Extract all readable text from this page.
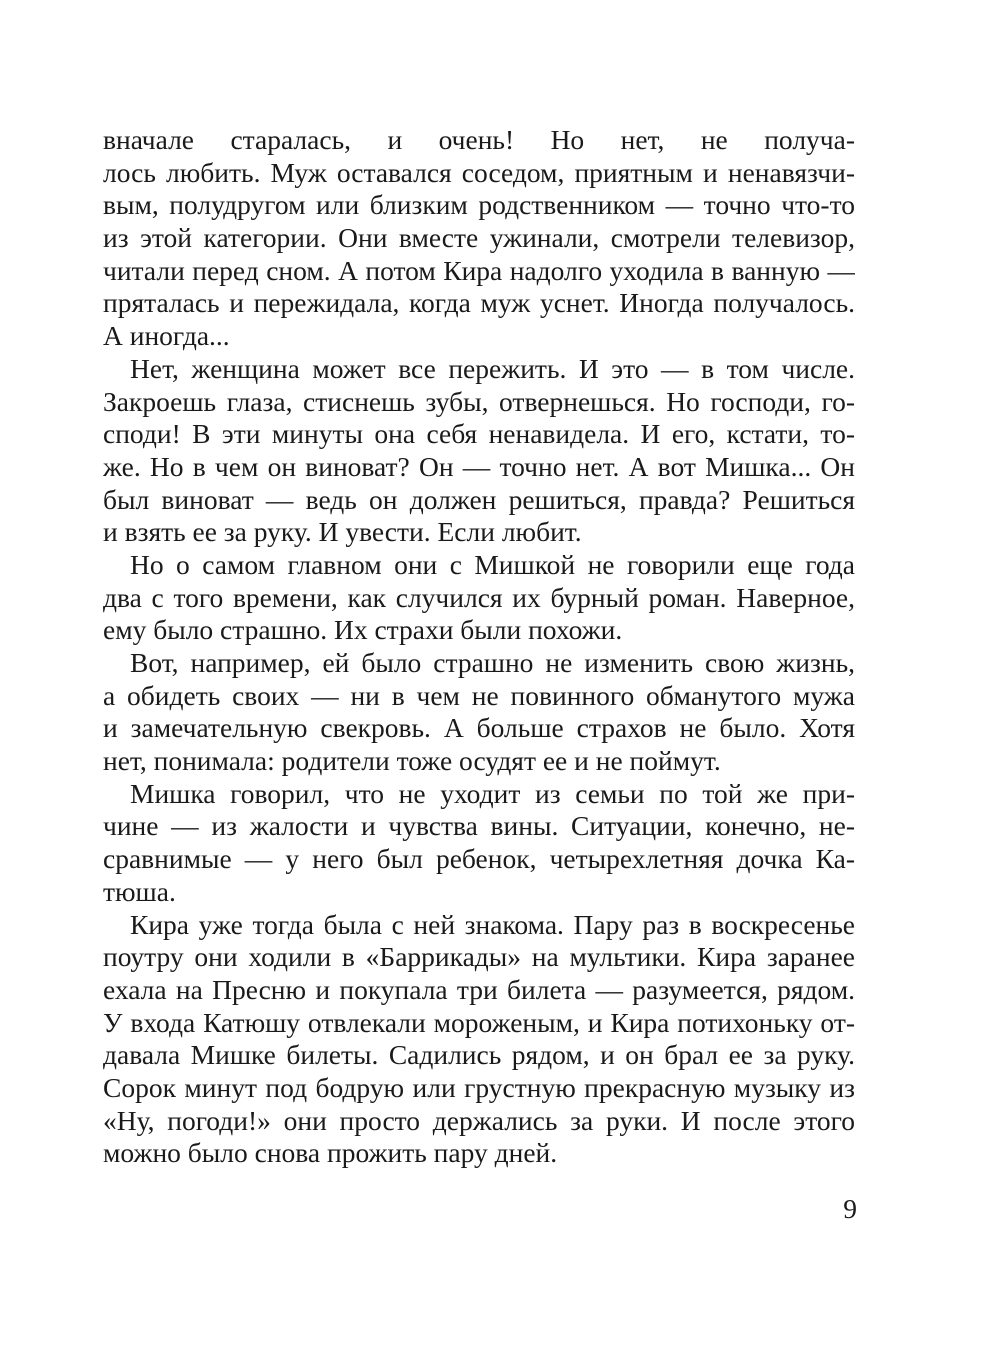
вначале старалась, и очень! Но нет, не получа-
лось любить. Муж оставался соседом, приятным и ненавязчи-
вым, полудругом или близким родственником — точно что-то
из этой категории. Они вместе ужинали, смотрели телевизор,
читали перед сном. А потом Кира надолго уходила в ванную —
пряталась и пережидала, когда муж уснет. Иногда получалось.
А иногда...

Нет, женщина может все пережить. И это — в том числе.
Закроешь глаза, стиснешь зубы, отвернешься. Но господи, го-
споди! В эти минуты она себя ненавидела. И его, кстати, то-
же. Но в чем он виноват? Он — точно нет. А вот Мишка... Он
был виноват — ведь он должен решиться, правда? Решиться
и взять ее за руку. И увести. Если любит.

Но о самом главном они с Мишкой не говорили еще года
два с того времени, как случился их бурный роман. Наверное,
ему было страшно. Их страхи были похожи.

Вот, например, ей было страшно не изменить свою жизнь,
а обидеть своих — ни в чем не повинного обманутого мужа
и замечательную свекровь. А больше страхов не было. Хотя
нет, понимала: родители тоже осудят ее и не поймут.

Мишка говорил, что не уходит из семьи по той же при-
чине — из жалости и чувства вины. Ситуации, конечно, не-
сравнимые — у него был ребенок, четырехлетняя дочка Ка-
тюша.

Кира уже тогда была с ней знакома. Пару раз в воскресенье
поутру они ходили в «Баррикады» на мультики. Кира заранее
ехала на Пресню и покупала три билета — разумеется, рядом.
У входа Катюшу отвлекали мороженым, и Кира потихоньку от-
давала Мишке билеты. Садились рядом, и он брал ее за руку.
Сорок минут под бодрую или грустную прекрасную музыку из
«Ну, погоди!» они просто держались за руки. И после этого
можно было снова прожить пару дней.

9
